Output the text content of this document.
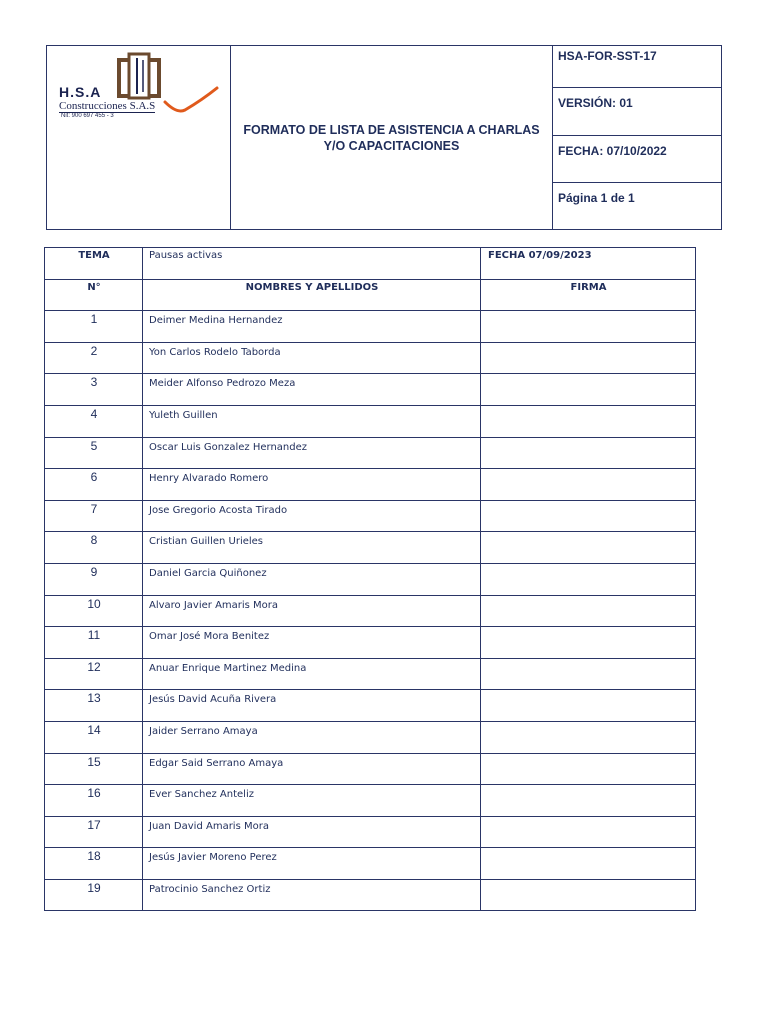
H.S.A
Construcciones S.A.S
Nit: 900 697 455 - 3
FORMATO DE LISTA DE ASISTENCIA A CHARLAS
Y/O CAPACITACIONES
HSA-FOR-SST-17
VERSIÓN: 01
FECHA: 07/10/2022
Página 1 de 1
TEMA	Pausas activas	FECHA 07/09/2023
N°	NOMBRES Y APELLIDOS	FIRMA
1	Deimer Medina Hernandez	
2	Yon Carlos Rodelo Taborda	
3	Meider Alfonso Pedrozo Meza	
4	Yuleth Guillen	
5	Oscar Luis Gonzalez Hernandez	
6	Henry Alvarado Romero	
7	Jose Gregorio Acosta Tirado	
8	Cristian Guillen Urieles	
9	Daniel Garcia Quiñonez	
10	Alvaro Javier Amaris Mora	
11	Omar José Mora Benitez	
12	Anuar Enrique Martinez Medina	
13	Jesús David Acuña Rivera	
14	Jaider Serrano Amaya	
15	Edgar Said Serrano Amaya	
16	Ever Sanchez Anteliz	
17	Juan David Amaris Mora	
18	Jesús Javier Moreno Perez	
19	Patrocinio Sanchez Ortiz	
